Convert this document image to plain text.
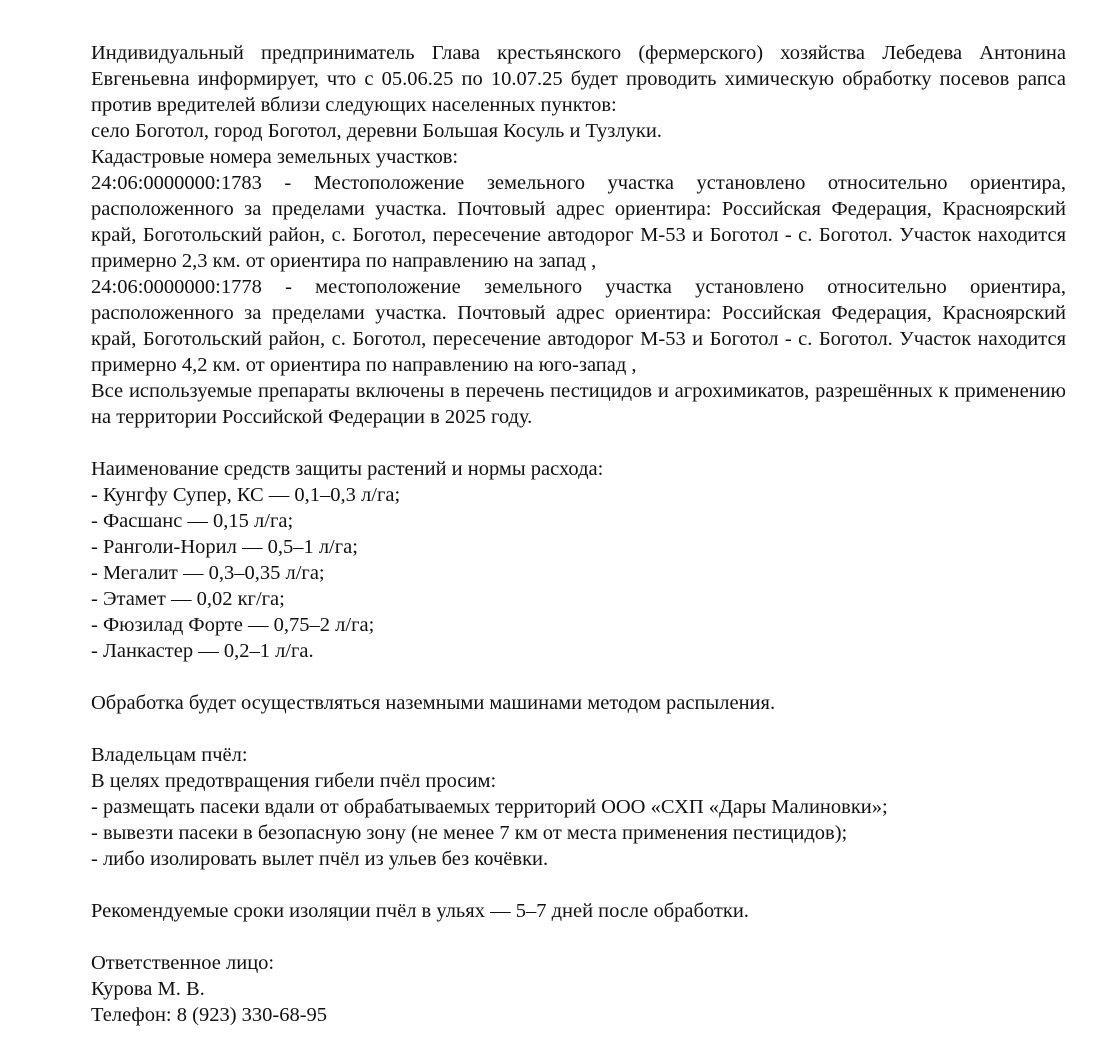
Индивидуальный предприниматель Глава крестьянского (фермерского) хозяйства Лебедева Антонина Евгеньевна информирует, что с 05.06.25 по 10.07.25 будет проводить химическую обработку посевов рапса против вредителей вблизи следующих населенных пунктов:

село Боготол, город Боготол, деревни Большая Косуль и Тузлуки.

Кадастровые номера земельных участков:

24:06:0000000:1783 - Местоположение земельного участка установлено относительно ориентира, расположенного за пределами участка. Почтовый адрес ориентира: Российская Федерация, Красноярский край, Боготольский район, с. Боготол, пересечение автодорог М-53 и Боготол - с. Боготол. Участок находится примерно 2,3 км. от ориентира по направлению на запад ,

24:06:0000000:1778 - местоположение земельного участка установлено относительно ориентира, расположенного за пределами участка. Почтовый адрес ориентира: Российская Федерация, Красноярский край, Боготольский район, с. Боготол, пересечение автодорог М-53 и Боготол - с. Боготол. Участок находится примерно 4,2 км. от ориентира по направлению на юго-запад ,

Все используемые препараты включены в перечень пестицидов и агрохимикатов, разрешённых к применению на территории Российской Федерации в 2025 году.

Наименование средств защиты растений и нормы расхода:

- Кунгфу Супер, КС — 0,1–0,3 л/га;
- Фасшанс — 0,15 л/га;
- Ранголи-Норил — 0,5–1 л/га;
- Мегалит — 0,3–0,35 л/га;
- Этамет — 0,02 кг/га;
- Фюзилад Форте — 0,75–2 л/га;
- Ланкастер — 0,2–1 л/га.

Обработка будет осуществляться наземными машинами методом распыления.

Владельцам пчёл:

В целях предотвращения гибели пчёл просим:

- размещать пасеки вдали от обрабатываемых территорий ООО «СХП «Дары Малиновки»;
- вывезти пасеки в безопасную зону (не менее 7 км от места применения пестицидов);
- либо изолировать вылет пчёл из ульев без кочёвки.

Рекомендуемые сроки изоляции пчёл в ульях — 5–7 дней после обработки.

Ответственное лицо:

Курова М. В.

Телефон: 8 (923) 330-68-95
